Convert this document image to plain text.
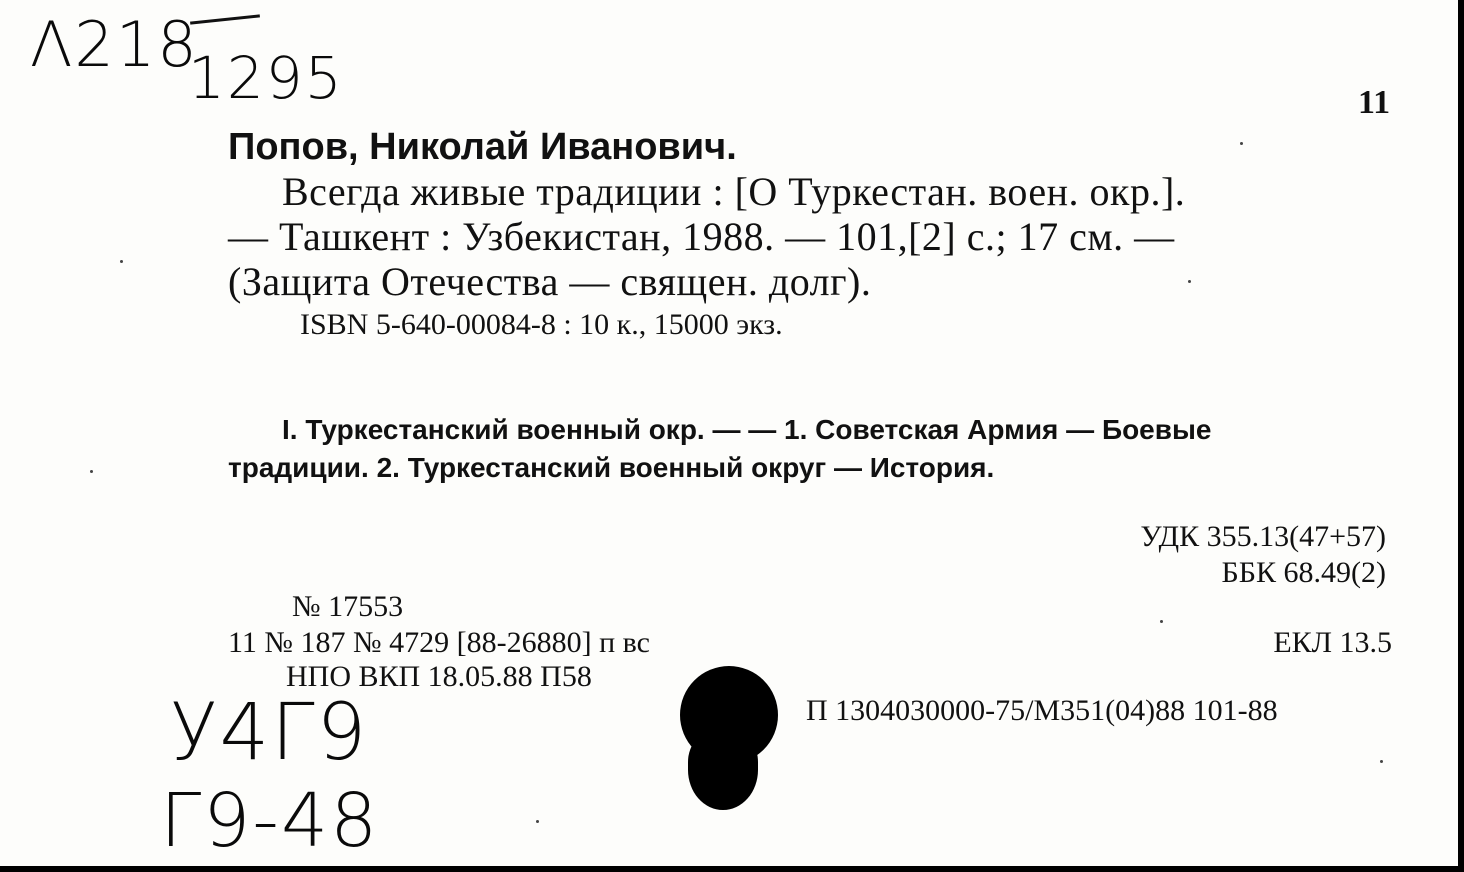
Λ218
1295	11
Попов, Николай Иванович.
Всегда живые традиции : [О Туркестан. воен. окр.].
— Ташкент : Узбекистан, 1988. — 101,[2] с.; 17 см. —
(Защита Отечества — священ. долг).
ISBN 5-640-00084-8 : 10 к., 15000 экз.
I. Туркестанский военный окр. — — 1. Советская Армия — Боевые
традиции. 2. Туркестанский военный округ — История.
УДК 355.13(47+57)
ББК 68.49(2)
ЕКЛ 13.5
П 1304030000-75/М351(04)88 101-88
№ 17553
11 № 187 № 4729 [88-26880] п вс
НПО ВКП 18.05.88 П58
У4Г9
Г9-48
